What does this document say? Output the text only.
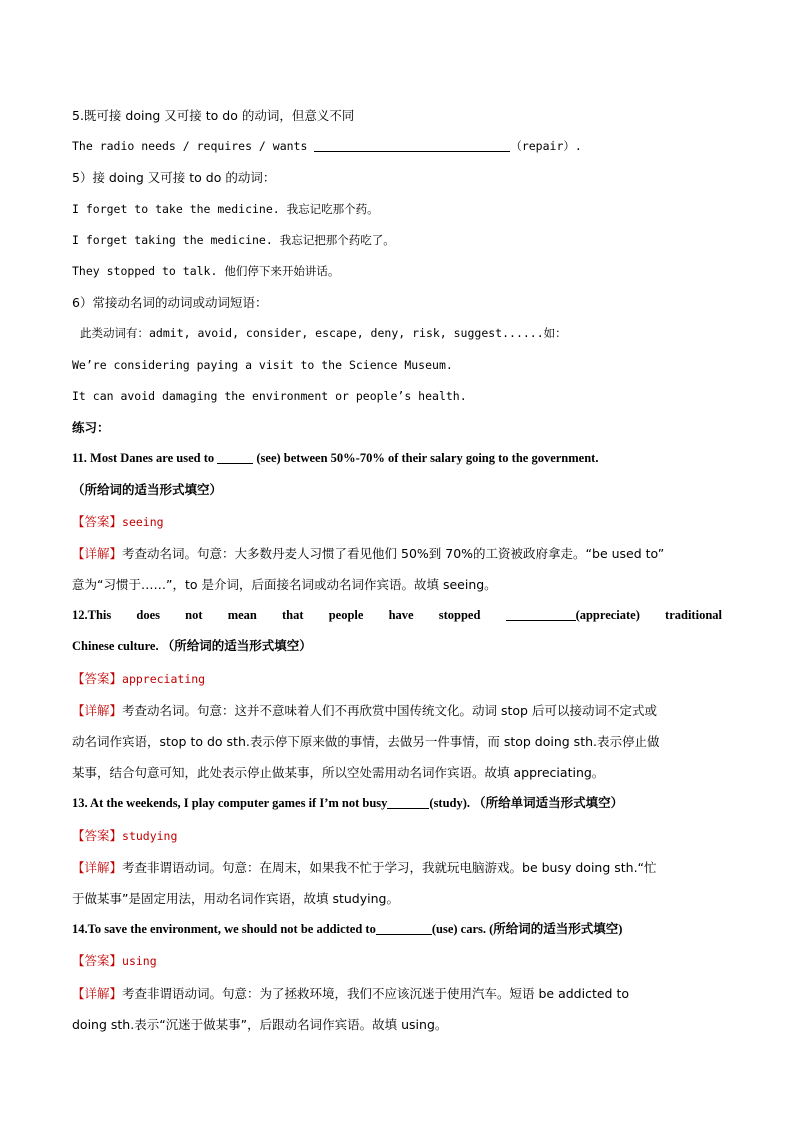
5.既可接 doing 又可接 to do 的动词，但意义不同
The radio needs / requires / wants	（repair）.
5）接 doing 又可接 to do 的动词：
I forget to take the medicine. 我忘记吃那个药。
I forget taking the medicine. 我忘记把那个药吃了。
They stopped to talk. 他们停下来开始讲话。
6）常接动名词的动词或动词短语：
此类动词有：admit, avoid, consider, escape, deny, risk, suggest......如：
We’re considering paying a visit to the Science Museum.
It can avoid damaging the environment or people’s health.
练习：
11. Most Danes are used to	(see) between 50%-70% of their salary going to the government.
（所给词的适当形式填空）
【答案】seeing
【详解】考查动名词。句意：大多数丹麦人习惯了看见他们 50%到 70%的工资被政府拿走。“be used to”
意为“习惯于……”，to 是介词，后面接名词或动名词作宾语。故填 seeing。
12.This does not mean that people have stopped	(appreciate) traditional
Chinese culture. （所给词的适当形式填空）
【答案】appreciating
【详解】考查动名词。句意：这并不意味着人们不再欣赏中国传统文化。动词 stop 后可以接动词不定式或
动名词作宾语，stop to do sth.表示停下原来做的事情，去做另一件事情，而 stop doing sth.表示停止做
某事，结合句意可知，此处表示停止做某事，所以空处需用动名词作宾语。故填 appreciating。
13. At the weekends, I play computer games if I’m not busy	(study). （所给单词适当形式填空）
【答案】studying
【详解】考查非谓语动词。句意：在周末，如果我不忙于学习，我就玩电脑游戏。be busy doing sth.“忙
于做某事”是固定用法，用动名词作宾语，故填 studying。
14.To save the environment, we should not be addicted to	(use) cars. (所给词的适当形式填空)
【答案】using
【详解】考查非谓语动词。句意：为了拯救环境，我们不应该沉迷于使用汽车。短语 be addicted to
doing sth.表示“沉迷于做某事”，后跟动名词作宾语。故填 using。
